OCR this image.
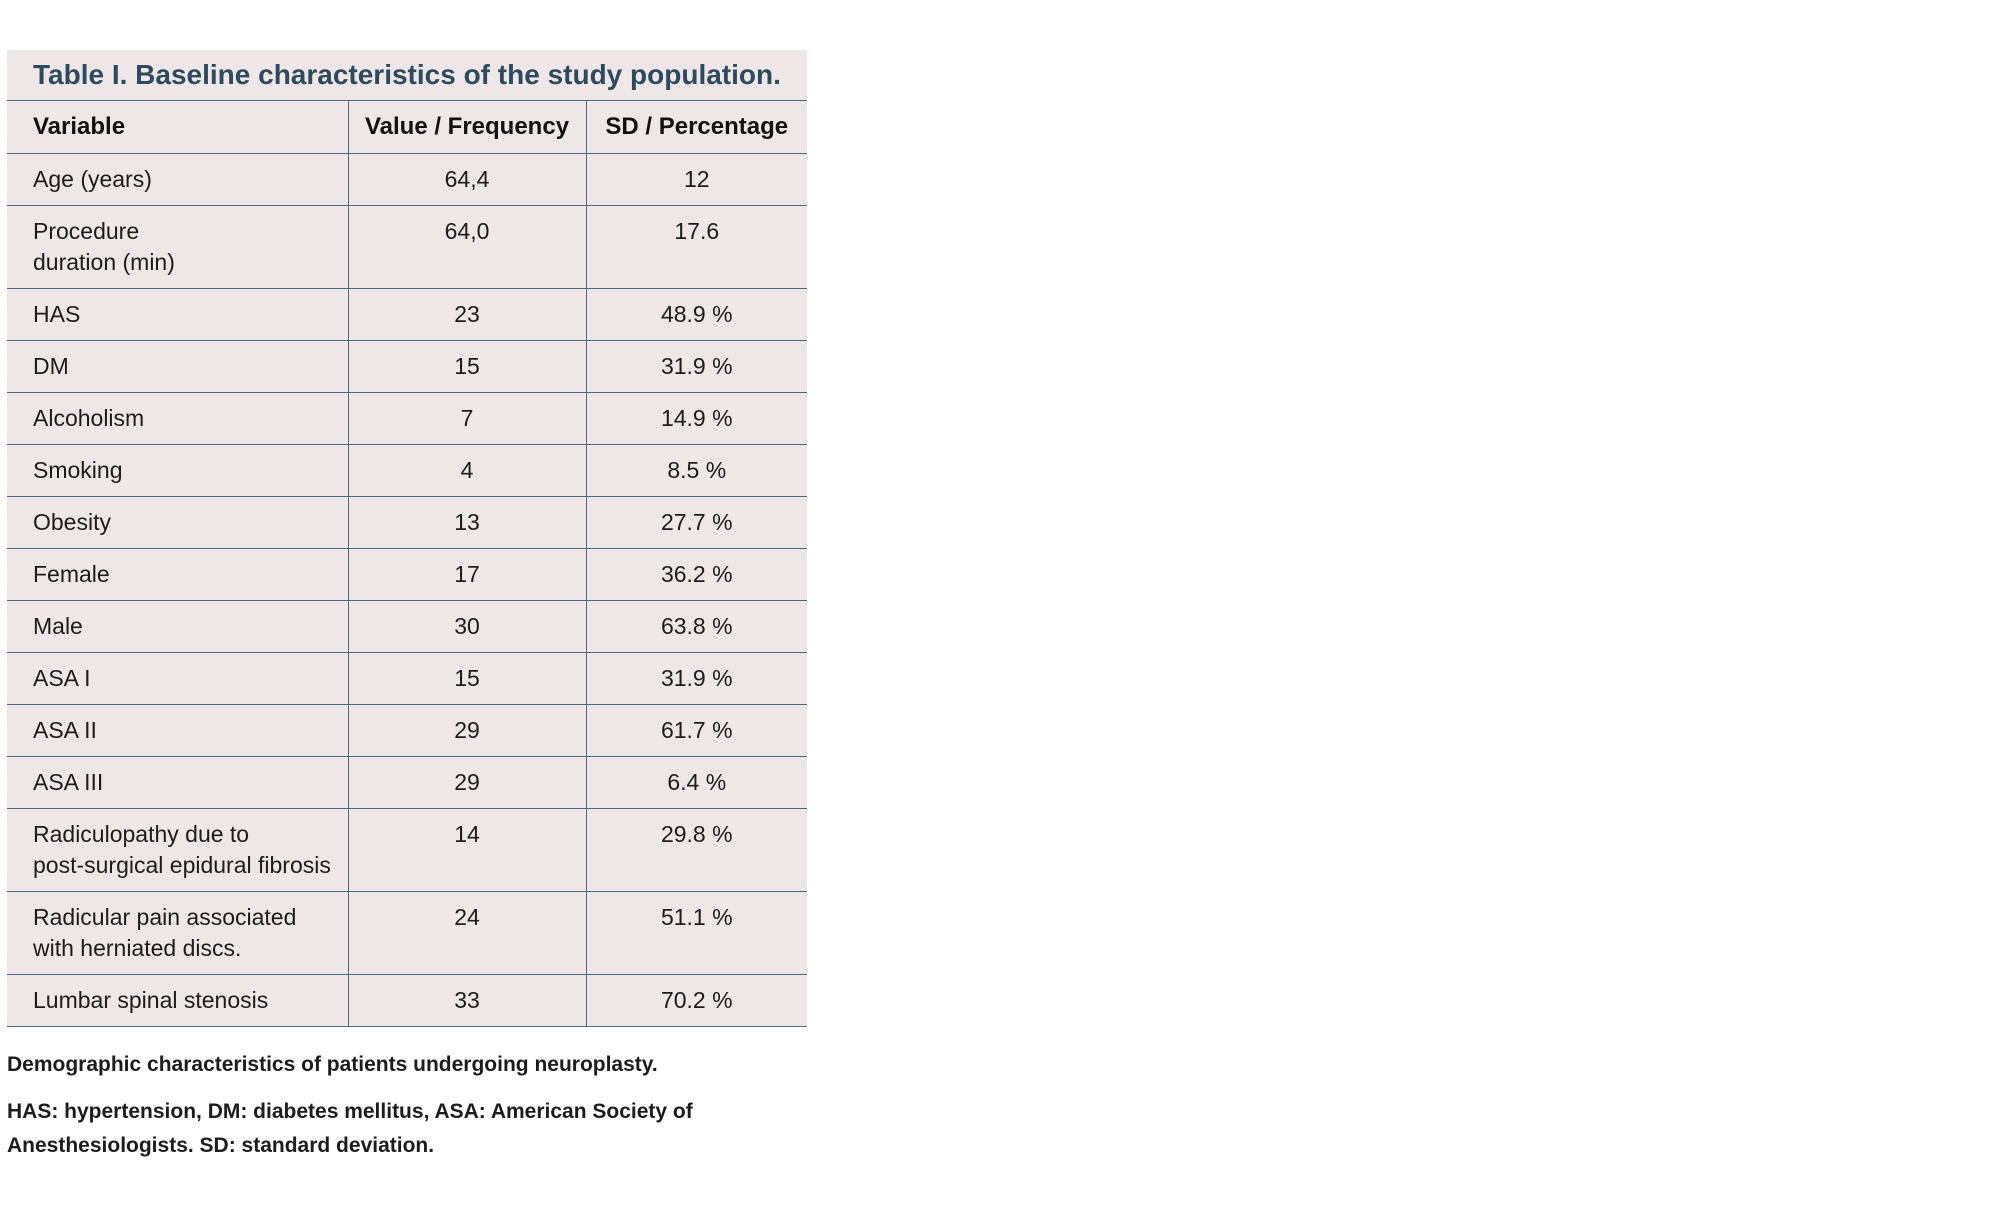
Table I. Baseline characteristics of the study population.
Variable	Value / Frequency	SD / Percentage
Age (years)	64,4	12
Procedure
duration (min)	64,0	17.6
HAS	23	48.9 %
DM	15	31.9 %
Alcoholism	7	14.9 %
Smoking	4	8.5 %
Obesity	13	27.7 %
Female	17	36.2 %
Male	30	63.8 %
ASA I	15	31.9 %
ASA II	29	61.7 %
ASA III	29	6.4 %
Radiculopathy due to
post-surgical epidural fibrosis	14	29.8 %
Radicular pain associated
with herniated discs.	24	51.1 %
Lumbar spinal stenosis	33	70.2 %
Demographic characteristics of patients undergoing neuroplasty.
HAS: hypertension, DM: diabetes mellitus, ASA: American Society of
Anesthesiologists. SD: standard deviation.
